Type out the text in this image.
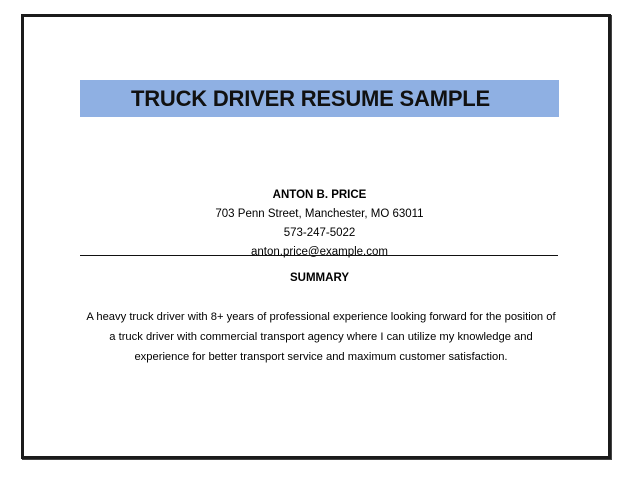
TRUCK DRIVER RESUME SAMPLE
ANTON B. PRICE
703 Penn Street, Manchester, MO 63011
573-247-5022
anton.price@example.com
SUMMARY
A heavy truck driver with 8+ years of professional experience looking forward for the position of
a truck driver with commercial transport agency where I can utilize my knowledge and
experience for better transport service and maximum customer satisfaction.
